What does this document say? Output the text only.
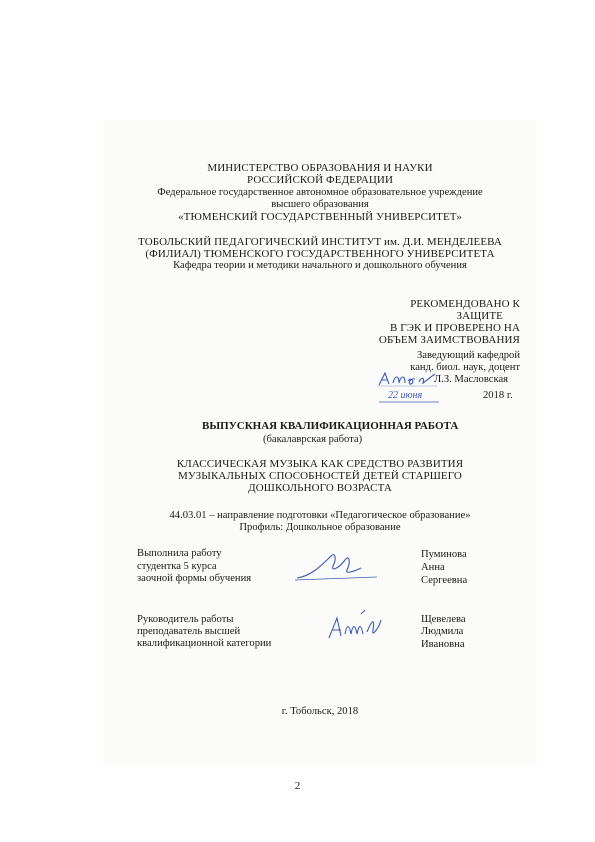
МИНИСТЕРСТВО ОБРАЗОВАНИЯ И НАУКИ
РОССИЙСКОЙ ФЕДЕРАЦИИ
Федеральное государственное автономное образовательное учреждение
высшего образования
«ТЮМЕНСКИЙ ГОСУДАРСТВЕННЫЙ УНИВЕРСИТЕТ»
ТОБОЛЬСКИЙ ПЕДАГОГИЧЕСКИЙ ИНСТИТУТ им. Д.И. МЕНДЕЛЕЕВА
(ФИЛИАЛ) ТЮМЕНСКОГО ГОСУДАРСТВЕННОГО УНИВЕРСИТЕТА
Кафедра теории и методики начального и дошкольного обучения
РЕКОМЕНДОВАНО К
ЗАЩИТЕ
В ГЭК И ПРОВЕРЕНО НА
ОБЪЕМ ЗАИМСТВОВАНИЯ
Заведующий кафедрой
канд. биол. наук, доцент
Л.З. Масловская
22 июня	2018 г.
ВЫПУСКНАЯ КВАЛИФИКАЦИОННАЯ РАБОТА
(бакалаврская работа)
КЛАССИЧЕСКАЯ МУЗЫКА КАК СРЕДСТВО РАЗВИТИЯ
МУЗЫКАЛЬНЫХ СПОСОБНОСТЕЙ ДЕТЕЙ СТАРШЕГО
ДОШКОЛЬНОГО ВОЗРАСТА
44.03.01 – направление подготовки «Педагогическое образование»
Профиль: Дошкольное образование
Выполнила работу
студентка 5 курса
заочной формы обучения
Пуминова
Анна
Сергеевна
Руководитель работы
преподаватель высшей
квалификационной категории
Щевелева
Людмила
Ивановна
г. Тобольск, 2018
2
